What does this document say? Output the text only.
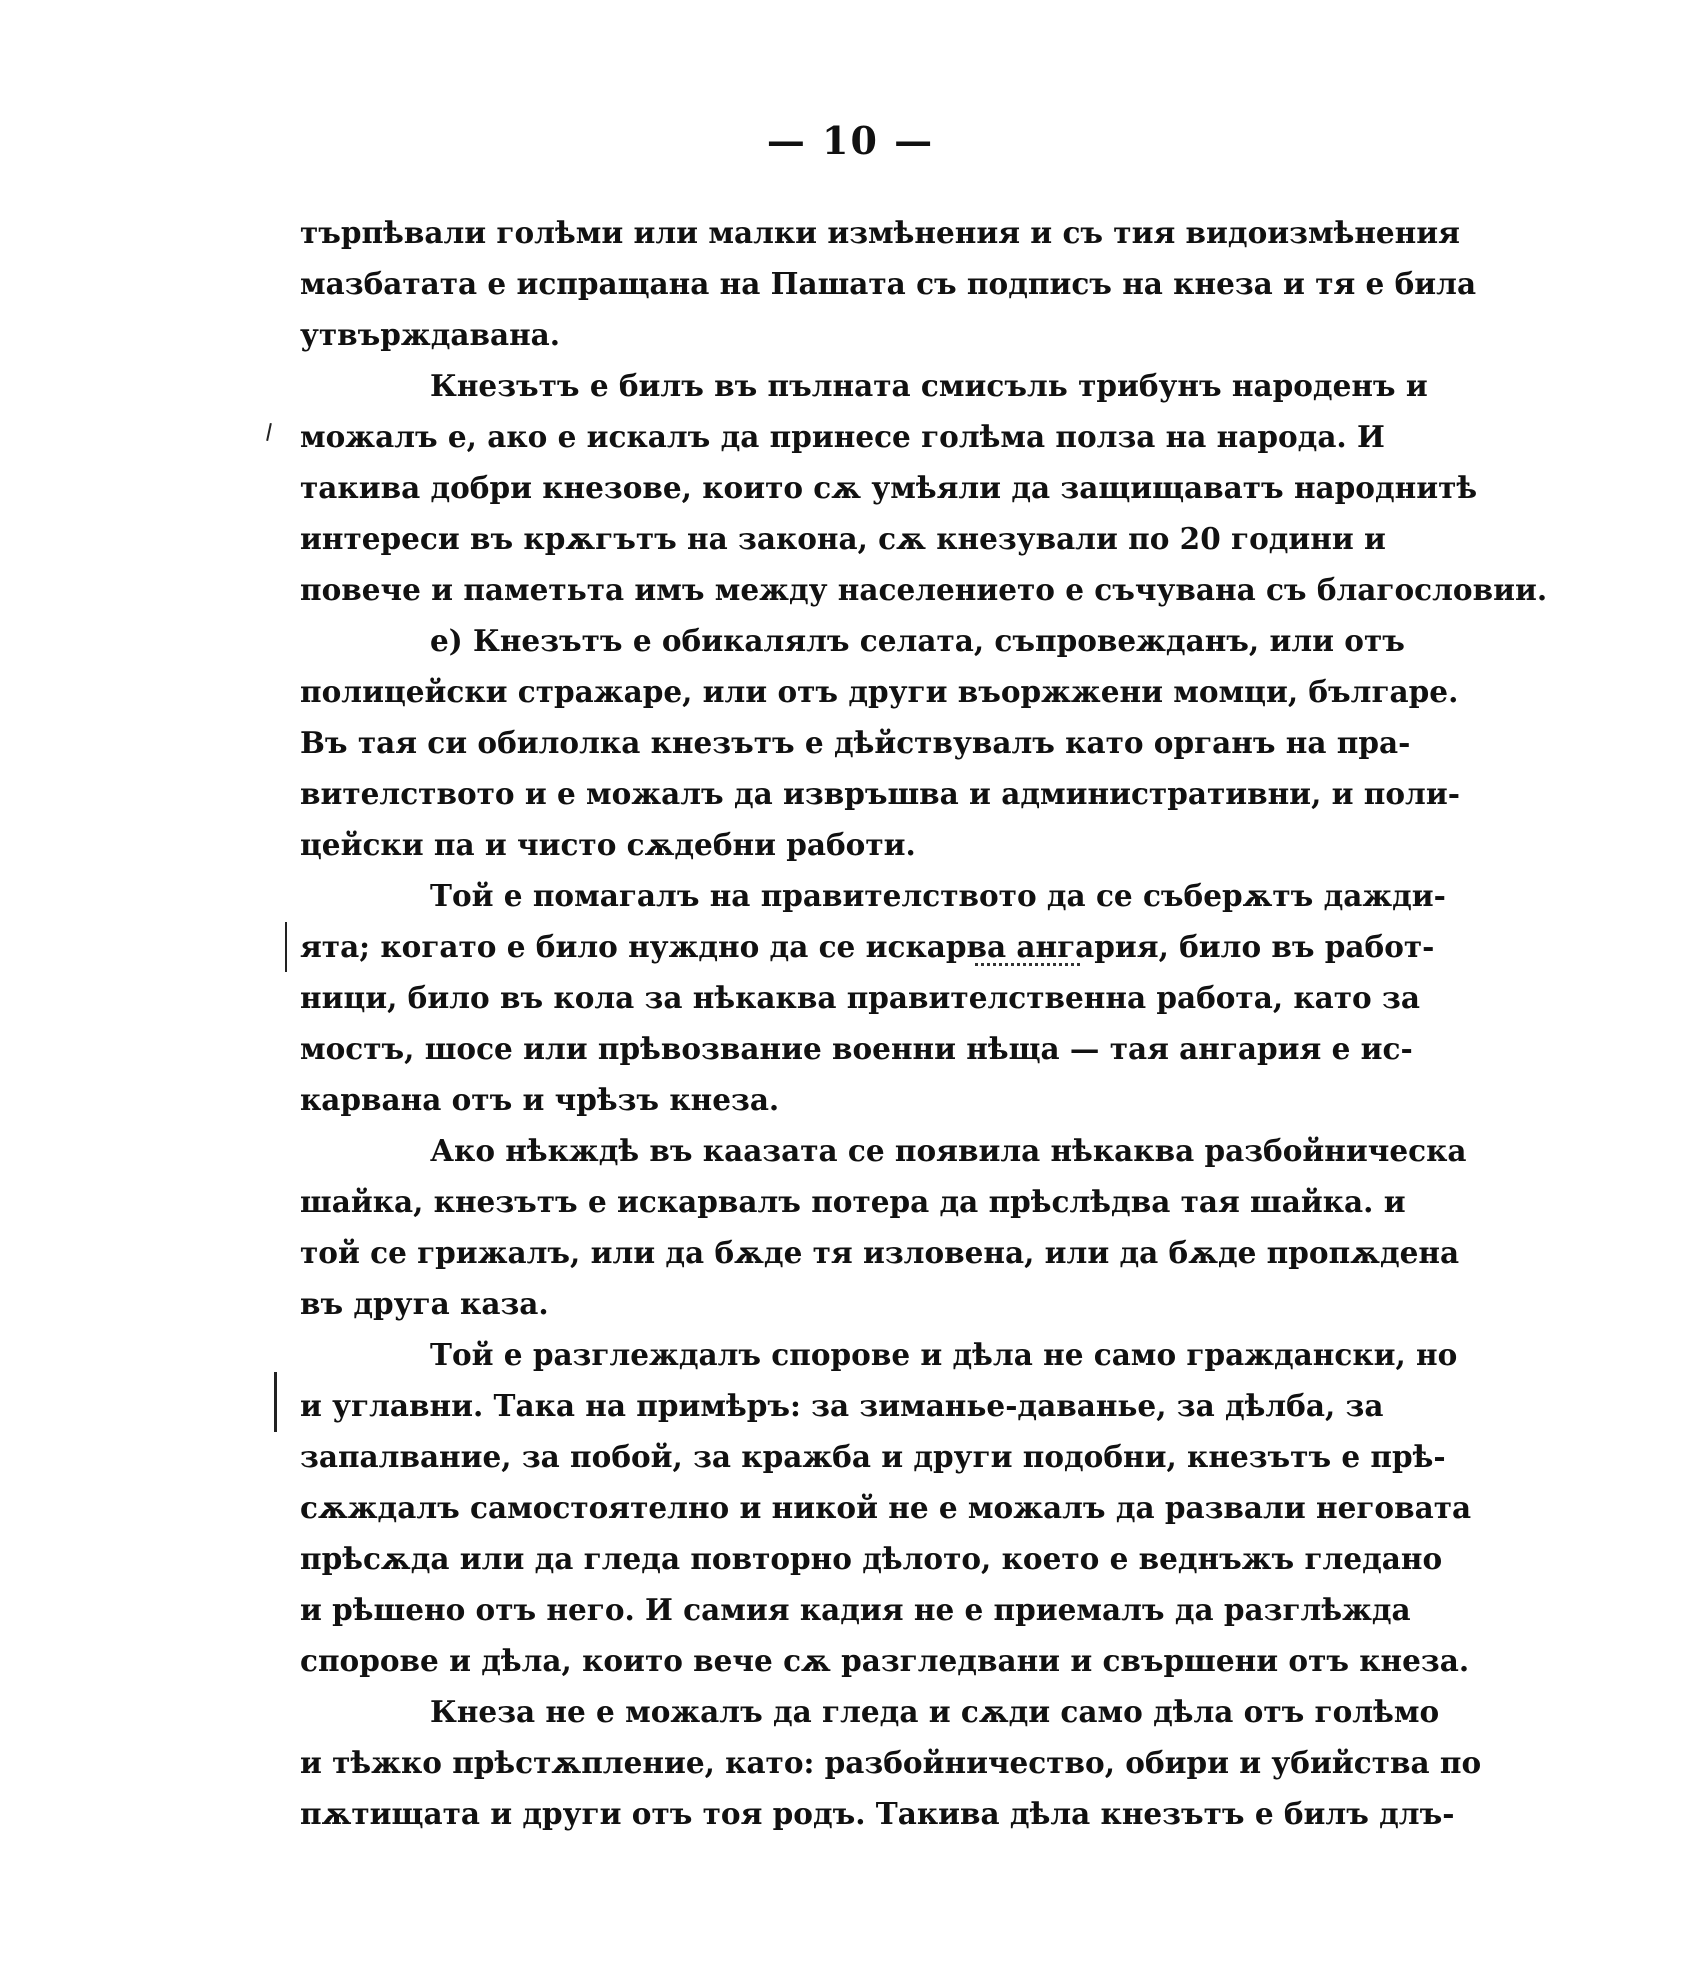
— 10 —
търпѣвали голѣми или малки измѣнения и съ тия видоизмѣнения
мазбатата е испращана на Пашата съ подписъ на кнеза и тя е била
утвърждавана.
Кнезътъ е билъ въ пълната смисъль трибунъ народенъ и
можалъ е, ако е искалъ да принесе голѣма полза на народа. И
такива добри кнезове, които сѫ умѣяли да защищаватъ народнитѣ
интереси въ крѫгътъ на закона, сѫ кнезували по 20 години и
повече и паметьта имъ между населението е съчувана съ благословии.
е) Кнезътъ е обикалялъ селата, съпровежданъ, или отъ
полицейски стражаре, или отъ други въоржжени момци, българе.
Въ тая си обилолка кнезътъ е дѣйствувалъ като органъ на пра-
вителството и е можалъ да извръшва и административни, и поли-
цейски па и чисто сѫдебни работи.
Той е помагалъ на правителството да се съберѫтъ дажди-
ята; когато е било нуждно да се искарва ангария, било въ работ-
ници, било въ кола за нѣкаква правителственна работа, като за
мостъ, шосе или прѣвозвание военни нѣща — тая ангария е ис-
карвана отъ и чрѣзъ кнеза.
Ако нѣкждѣ въ каазата се появила нѣкаква разбойническа
шайка, кнезътъ е искарвалъ потера да прѣслѣдва тая шайка. и
той се грижалъ, или да бѫде тя изловена, или да бѫде пропѫдена
въ друга каза.
Той е разглеждалъ спорове и дѣла не само граждански, но
и углавни. Така на примѣръ: за зиманье-даванье, за дѣлба, за
запалвание, за побой, за кражба и други подобни, кнезътъ е прѣ-
сѫждалъ самостоятелно и никой не е можалъ да развали неговата
прѣсѫда или да гледа повторно дѣлото, което е веднъжъ гледано
и рѣшено отъ него. И самия кадия не е приемалъ да разглѣжда
спорове и дѣла, които вече сѫ разгледвани и свършени отъ кнеза.
Кнеза не е можалъ да гледа и сѫди само дѣла отъ голѣмо
и тѣжко прѣстѫпление, като: разбойничество, обири и убийства по
пѫтищата и други отъ тоя родъ. Такива дѣла кнезътъ е билъ длъ-
